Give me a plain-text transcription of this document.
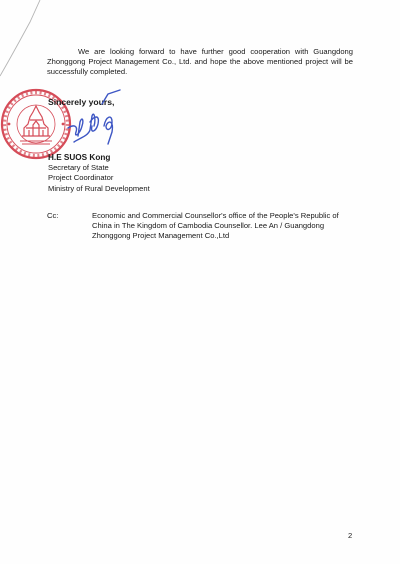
We are looking forward to have further good cooperation with Guangdong Zhonggong Project Management Co., Ltd. and hope the above mentioned project will be successfully completed.

Sincerely yours,

H.E SUOS Kong
Secretary of State
Project Coordinator
Ministry of Rural Development
Cc:	Economic and Commercial Counsellor's office of the People's Republic of China in The Kingdom of Cambodia Counsellor. Lee An / Guangdong Zhonggong Project Management Co.,Ltd

2
